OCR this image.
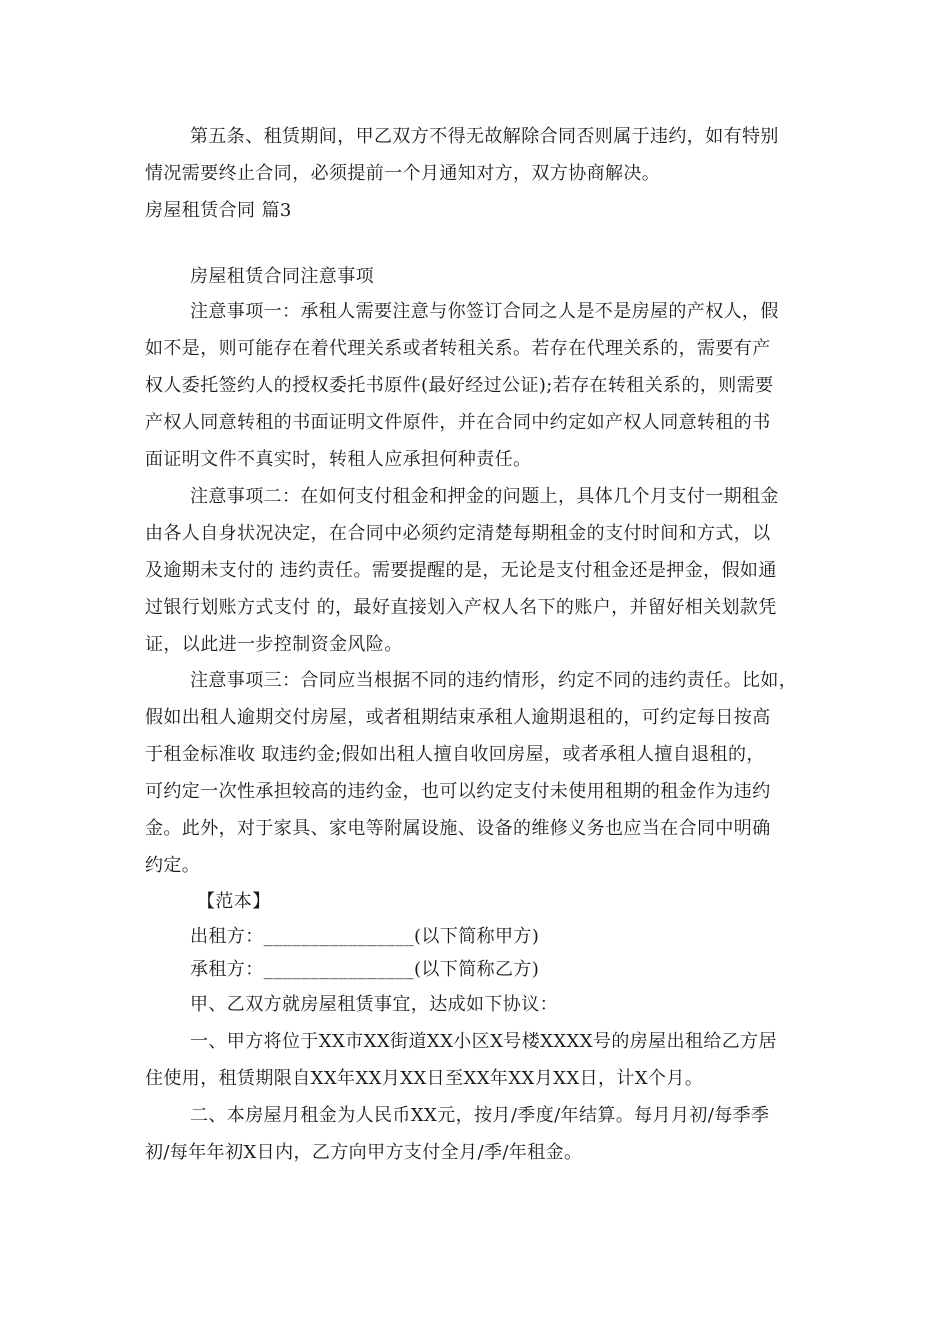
第五条、租赁期间，甲乙双方不得无故解除合同否则属于违约，如有特别
情况需要终止合同，必须提前一个月通知对方，双方协商解决。
房屋租赁合同 篇3
房屋租赁合同注意事项
注意事项一：承租人需要注意与你签订合同之人是不是房屋的产权人，假
如不是，则可能存在着代理关系或者转租关系。若存在代理关系的，需要有产
权人委托签约人的授权委托书原件(最好经过公证);若存在转租关系的，则需要
产权人同意转租的书面证明文件原件，并在合同中约定如产权人同意转租的书
面证明文件不真实时，转租人应承担何种责任。
注意事项二：在如何支付租金和押金的问题上，具体几个月支付一期租金
由各人自身状况决定，在合同中必须约定清楚每期租金的支付时间和方式，以
及逾期未支付的 违约责任。需要提醒的是，无论是支付租金还是押金，假如通
过银行划账方式支付 的，最好直接划入产权人名下的账户，并留好相关划款凭
证，以此进一步控制资金风险。
注意事项三：合同应当根据不同的违约情形，约定不同的违约责任。比如，
假如出租人逾期交付房屋，或者租期结束承租人逾期退租的，可约定每日按高
于租金标准收 取违约金;假如出租人擅自收回房屋，或者承租人擅自退租的，
可约定一次性承担较高的违约金，也可以约定支付未使用租期的租金作为违约
金。此外，对于家具、家电等附属设施、设备的维修义务也应当在合同中明确
约定。
【范本】
出租方：________________(以下简称甲方)
承租方：________________(以下简称乙方)
甲、乙双方就房屋租赁事宜，达成如下协议：
一、甲方将位于XX市XX街道XX小区X号楼XXXX号的房屋出租给乙方居
住使用，租赁期限自XX年XX月XX日至XX年XX月XX日，计X个月。
二、本房屋月租金为人民币XX元，按月/季度/年结算。每月月初/每季季
初/每年年初X日内，乙方向甲方支付全月/季/年租金。
